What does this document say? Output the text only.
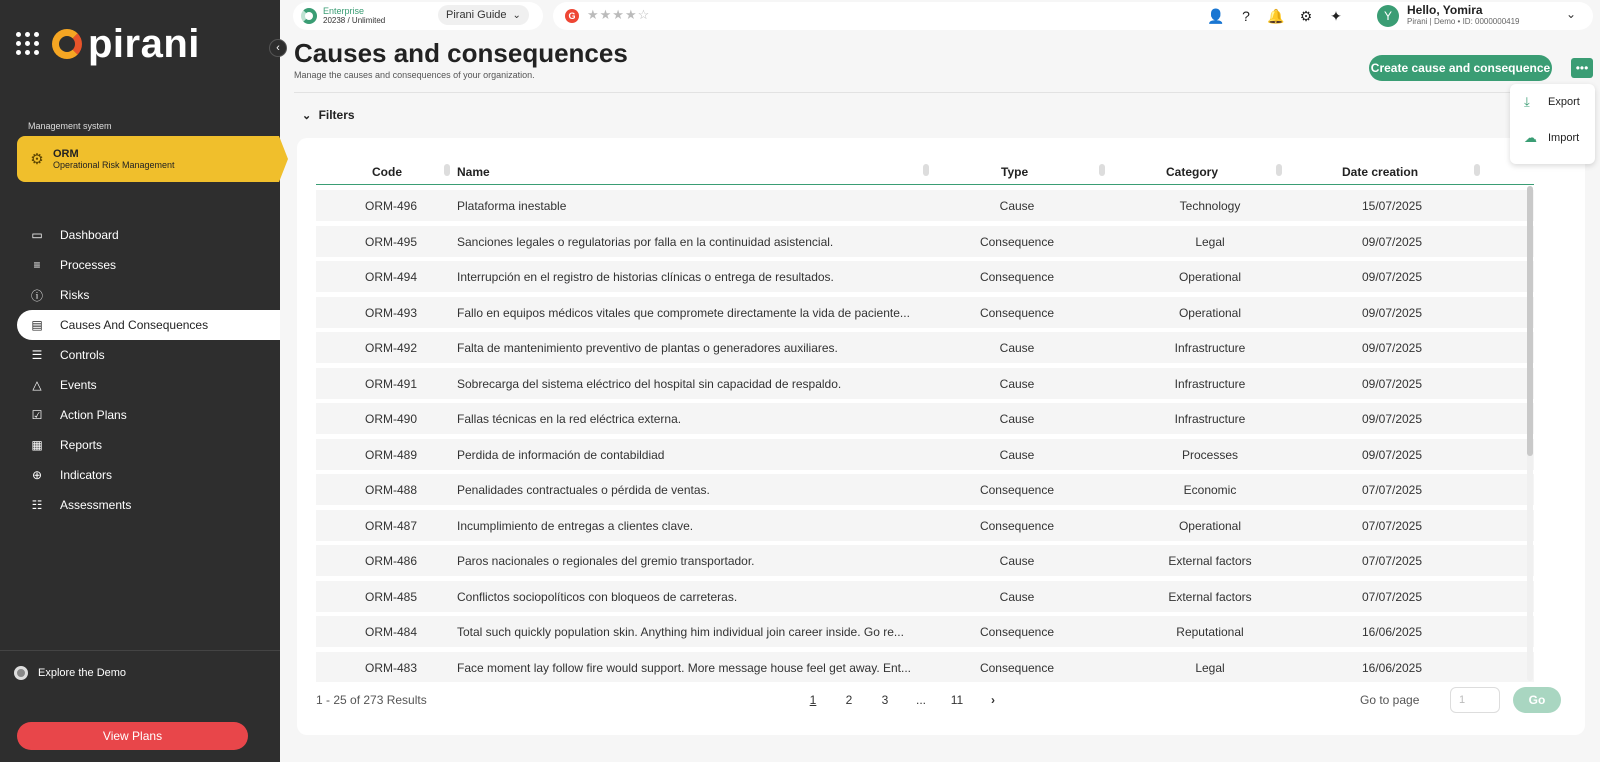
pirani
Management system
⚙ ORM
Operational Risk Management
▭ Dashboard
≡ Processes
ⓘ Risks
▤ Causes And Consequences
☰ Controls
△ Events
☑ Action Plans
▦ Reports
⊕ Indicators
☷ Assessments
Explore the Demo
View Plans
‹
Enterprise
20238 / Unlimited	Pirani Guide ⌄	G ★★★★☆	👤	?	🔔 ⚙ ✦	Y	Hello, Yomira
Pirani | Demo • ID: 0000000419
⌄
Causes and consequences
Manage the causes and consequences of your organization.	Create cause and consequence	•••
⤓	Export
☁ Import
⌄ Filters
Code	Name	Type	Category	Date creation
ORM-496	Plataforma inestable	Cause	Technology	15/07/2025
ORM-495	Sanciones legales o regulatorias por falla en la continuidad asistencial.	Consequence	Legal	09/07/2025
ORM-494	Interrupción en el registro de historias clínicas o entrega de resultados.	Consequence	Operational	09/07/2025
ORM-493	Fallo en equipos médicos vitales que compromete directamente la vida de paciente...	Consequence	Operational	09/07/2025
ORM-492	Falta de mantenimiento preventivo de plantas o generadores auxiliares.	Cause	Infrastructure	09/07/2025
ORM-491	Sobrecarga del sistema eléctrico del hospital sin capacidad de respaldo.	Cause	Infrastructure	09/07/2025
ORM-490	Fallas técnicas en la red eléctrica externa.	Cause	Infrastructure	09/07/2025
ORM-489	Perdida de información de contabildiad	Cause	Processes	09/07/2025
ORM-488	Penalidades contractuales o pérdida de ventas.	Consequence	Economic	07/07/2025
ORM-487	Incumplimiento de entregas a clientes clave.	Consequence	Operational	07/07/2025
ORM-486	Paros nacionales o regionales del gremio transportador.	Cause	External factors	07/07/2025
ORM-485	Conflictos sociopolíticos con bloqueos de carreteras.	Cause	External factors	07/07/2025
ORM-484	Total such quickly population skin. Anything him individual join career inside. Go re...	Consequence	Reputational	16/06/2025
ORM-483	Face moment lay follow fire would support. More message house feel get away. Ent...	Consequence	Legal	16/06/2025
1 - 25 of 273 Results	1	2	3	...	11	›	Go to page
1	Go
